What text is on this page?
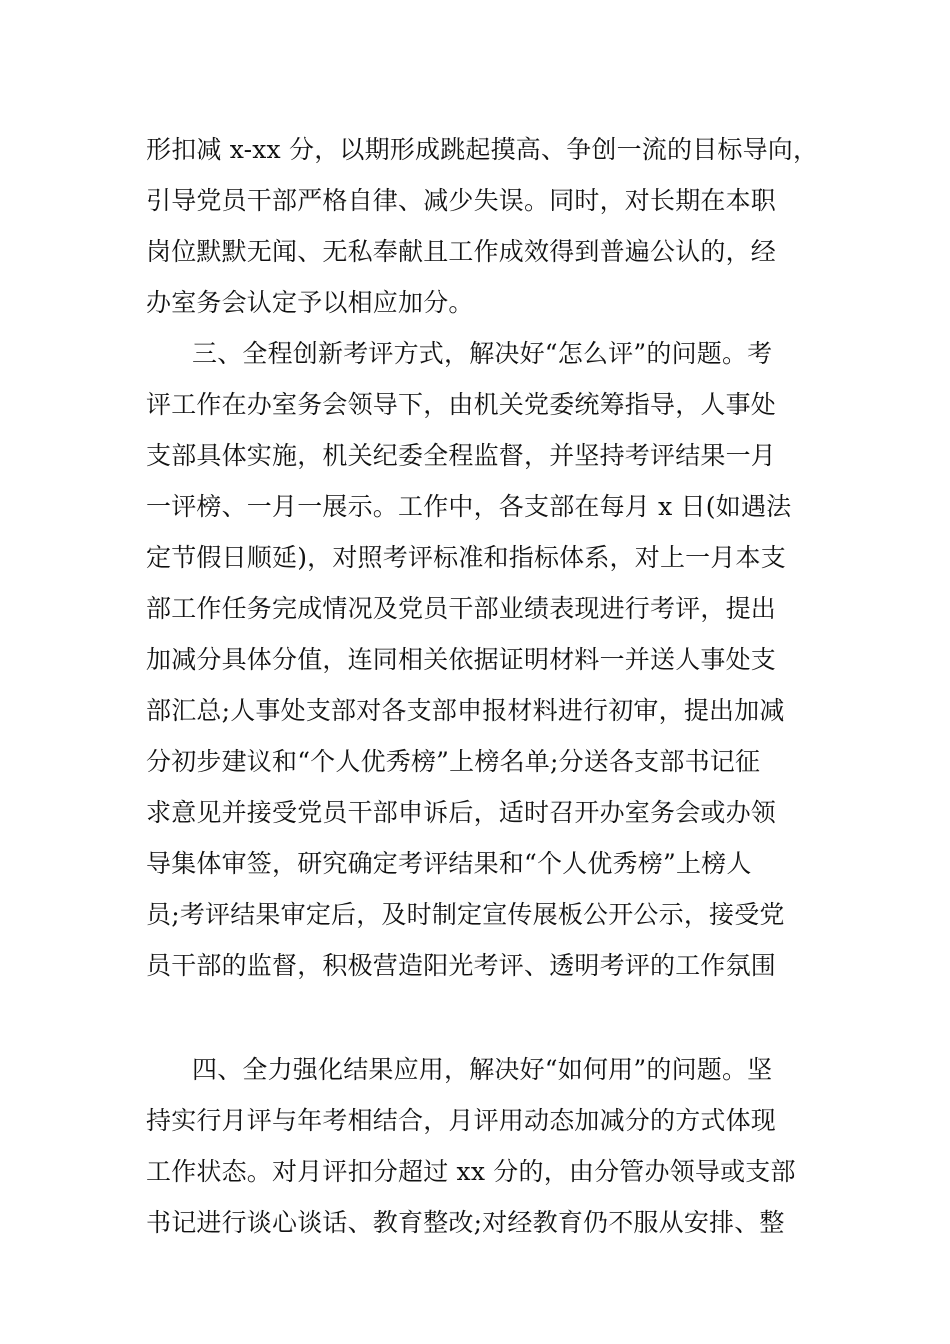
形扣减 x-xx 分，以期形成跳起摸高、争创一流的目标导向，
引导党员干部严格自律、减少失误。同时，对长期在本职
岗位默默无闻、无私奉献且工作成效得到普遍公认的，经
办室务会认定予以相应加分。
三、全程创新考评方式，解决好“怎么评”的问题。考
评工作在办室务会领导下，由机关党委统筹指导，人事处
支部具体实施，机关纪委全程监督，并坚持考评结果一月
一评榜、一月一展示。工作中，各支部在每月 x 日(如遇法
定节假日顺延)，对照考评标准和指标体系，对上一月本支
部工作任务完成情况及党员干部业绩表现进行考评，提出
加减分具体分值，连同相关依据证明材料一并送人事处支
部汇总;人事处支部对各支部申报材料进行初审，提出加减
分初步建议和“个人优秀榜”上榜名单;分送各支部书记征
求意见并接受党员干部申诉后，适时召开办室务会或办领
导集体审签，研究确定考评结果和“个人优秀榜”上榜人
员;考评结果审定后，及时制定宣传展板公开公示，接受党
员干部的监督，积极营造阳光考评、透明考评的工作氛围
四、全力强化结果应用，解决好“如何用”的问题。坚
持实行月评与年考相结合，月评用动态加减分的方式体现
工作状态。对月评扣分超过 xx 分的，由分管办领导或支部
书记进行谈心谈话、教育整改;对经教育仍不服从安排、整
